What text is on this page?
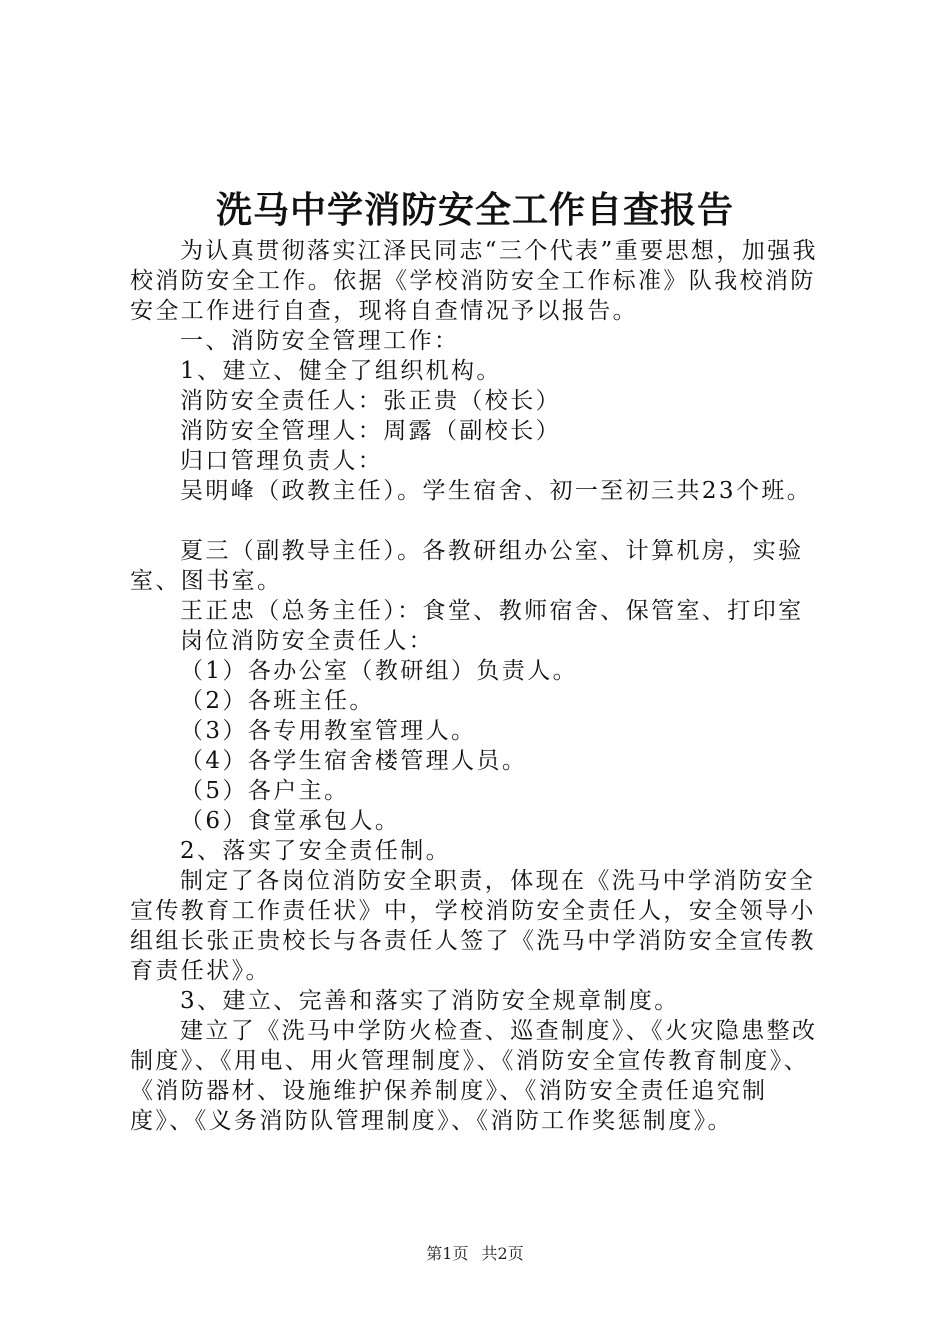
洗马中学消防安全工作自查报告

为认真贯彻落实江泽民同志“三个代表”重要思想，加强我校消防安全工作。依据《学校消防安全工作标准》队我校消防安全工作进行自查，现将自查情况予以报告。

一、消防安全管理工作：

1、建立、健全了组织机构。

消防安全责任人：张正贵（校长）

消防安全管理人：周露（副校长）

归口管理负责人：

吴明峰（政教主任）。学生宿舍、初一至初三共23个班。

夏三（副教导主任）。各教研组办公室、计算机房，实验室、图书室。

王正忠（总务主任）：食堂、教师宿舍、保管室、打印室

岗位消防安全责任人：

（1）各办公室（教研组）负责人。

（2）各班主任。

（3）各专用教室管理人。

（4）各学生宿舍楼管理人员。

（5）各户主。

（6）食堂承包人。

2、落实了安全责任制。

制定了各岗位消防安全职责，体现在《洗马中学消防安全宣传教育工作责任状》中，学校消防安全责任人，安全领导小组组长张正贵校长与各责任人签了《洗马中学消防安全宣传教育责任状》。

3、建立、完善和落实了消防安全规章制度。

建立了《洗马中学防火检查、巡查制度》、《火灾隐患整改制度》、《用电、用火管理制度》、《消防安全宣传教育制度》、《消防器材、设施维护保养制度》、《消防安全责任追究制度》、《义务消防队管理制度》、《消防工作奖惩制度》。

第1页 共2页
